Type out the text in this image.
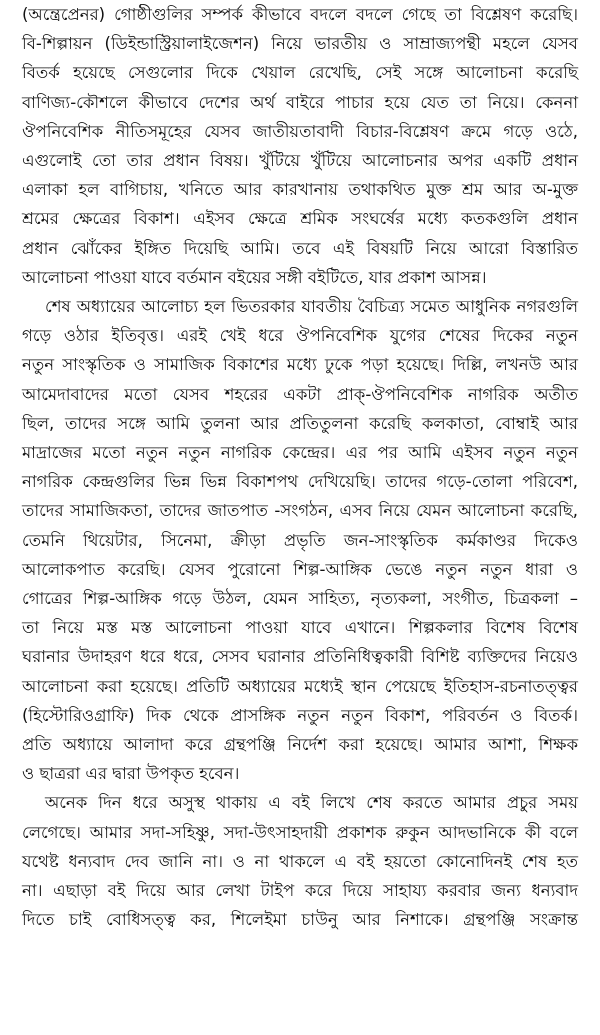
(অন্ত্রেপ্রেনর) গোষ্ঠীগুলির সম্পর্ক কীভাবে বদলে বদলে গেছে তা বিশ্লেষণ করেছি।
বি-শিল্পায়ন (ডিইন্ডাস্ট্রিয়ালাইজেশন) নিয়ে ভারতীয় ও সাম্রাজ্যপন্থী মহলে যেসব
বিতর্ক হয়েছে সেগুলোর দিকে খেয়াল রেখেছি, সেই সঙ্গে আলোচনা করেছি
বাণিজ্য-কৌশলে কীভাবে দেশের অর্থ বাইরে পাচার হয়ে যেত তা নিয়ে। কেননা
ঔপনিবেশিক নীতিসমূহের যেসব জাতীয়তাবাদী বিচার-বিশ্লেষণ ক্রমে গড়ে ওঠে,
এগুলোই তো তার প্রধান বিষয়। খুঁটিয়ে খুঁটিয়ে আলোচনার অপর একটি প্রধান
এলাকা হল বাগিচায়, খনিতে আর কারখানায় তথাকথিত মুক্ত শ্রম আর অ-মুক্ত
শ্রমের ক্ষেত্রের বিকাশ। এইসব ক্ষেত্রে শ্রমিক সংঘর্ষের মধ্যে কতকগুলি প্রধান
প্রধান ঝোঁকের ইঙ্গিত দিয়েছি আমি। তবে এই বিষয়টি নিয়ে আরো বিস্তারিত
আলোচনা পাওয়া যাবে বর্তমান বইয়ের সঙ্গী বইটিতে, যার প্রকাশ আসন্ন।
শেষ অধ্যায়ের আলোচ্য হল ভিতরকার যাবতীয় বৈচিত্র্য সমেত আধুনিক নগরগুলি
গড়ে ওঠার ইতিবৃত্ত। এরই খেই ধরে ঔপনিবেশিক যুগের শেষের দিকের নতুন
নতুন সাংস্কৃতিক ও সামাজিক বিকাশের মধ্যে ঢুকে পড়া হয়েছে। দিল্লি, লখনউ আর
আমেদাবাদের মতো যেসব শহরের একটা প্রাক্-ঔপনিবেশিক নাগরিক অতীত
ছিল, তাদের সঙ্গে আমি তুলনা আর প্রতিতুলনা করেছি কলকাতা, বোম্বাই আর
মাদ্রাজের মতো নতুন নতুন নাগরিক কেন্দ্রের। এর পর আমি এইসব নতুন নতুন
নাগরিক কেন্দ্রগুলির ভিন্ন ভিন্ন বিকাশপথ দেখিয়েছি। তাদের গড়ে-তোলা পরিবেশ,
তাদের সামাজিকতা, তাদের জাতপাত -সংগঠন, এসব নিয়ে যেমন আলোচনা করেছি,
তেমনি থিয়েটার, সিনেমা, ক্রীড়া প্রভৃতি জন-সাংস্কৃতিক কর্মকাণ্ডর দিকেও
আলোকপাত করেছি। যেসব পুরোনো শিল্প-আঙ্গিক ভেঙে নতুন নতুন ধারা ও
গোত্রের শিল্প-আঙ্গিক গড়ে উঠল, যেমন সাহিত্য, নৃত্যকলা, সংগীত, চিত্রকলা –
তা নিয়ে মস্ত মস্ত আলোচনা পাওয়া যাবে এখানে। শিল্পকলার বিশেষ বিশেষ
ঘরানার উদাহরণ ধরে ধরে, সেসব ঘরানার প্রতিনিধিত্বকারী বিশিষ্ট ব্যক্তিদের নিয়েও
আলোচনা করা হয়েছে। প্রতিটি অধ্যায়ের মধ্যেই স্থান পেয়েছে ইতিহাস-রচনাতত্ত্বর
(হিস্টোরিওগ্রাফি) দিক থেকে প্রাসঙ্গিক নতুন নতুন বিকাশ, পরিবর্তন ও বিতর্ক।
প্রতি অধ্যায়ে আলাদা করে গ্রন্থপঞ্জি নির্দেশ করা হয়েছে। আমার আশা, শিক্ষক
ও ছাত্ররা এর দ্বারা উপকৃত হবেন।
অনেক দিন ধরে অসুস্থ থাকায় এ বই লিখে শেষ করতে আমার প্রচুর সময়
লেগেছে। আমার সদা-সহিষ্ণু, সদা-উৎসাহদায়ী প্রকাশক রুকুন আদভানিকে কী বলে
যথেষ্ট ধন্যবাদ দেব জানি না। ও না থাকলে এ বই হয়তো কোনোদিনই শেষ হত
না। এছাড়া বই দিয়ে আর লেখা টাইপ করে দিয়ে সাহায্য করবার জন্য ধন্যবাদ
দিতে চাই বোধিসত্ত্ব কর, শিলেইমা চাউনু আর নিশাকে। গ্রন্থপঞ্জি সংক্রান্ত
